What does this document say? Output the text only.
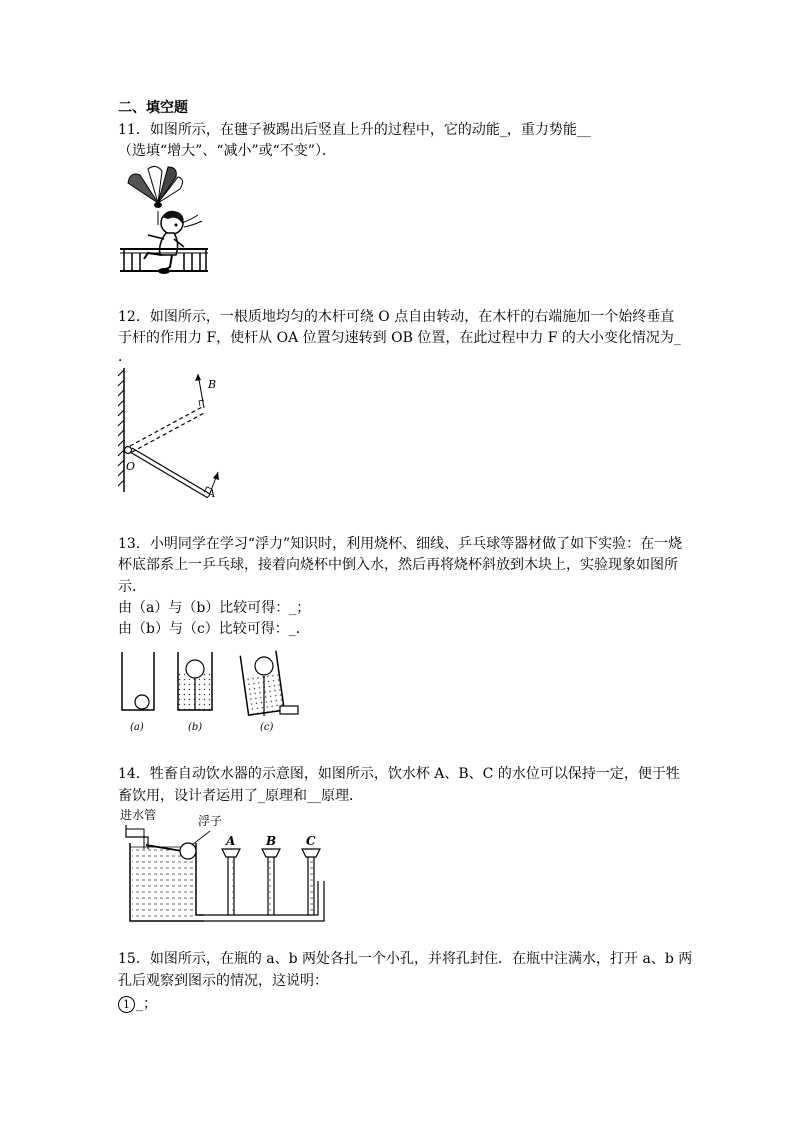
二、填空题
11．如图所示，在毽子被踢出后竖直上升的过程中，它的动能_，重力势能__
（选填“增大”、“减小”或“不变”）．
12．如图所示，一根质地均匀的木杆可绕 O 点自由转动，在木杆的右端施加一个始终垂直
于杆的作用力 F，使杆从 OA 位置匀速转到 OB 位置，在此过程中力 F 的大小变化情况为_
．
B
O
A
13．小明同学在学习“浮力”知识时，利用烧杯、细线、乒乓球等器材做了如下实验：在一烧
杯底部系上一乒乓球，接着向烧杯中倒入水，然后再将烧杯斜放到木块上，实验现象如图所
示．
由（a）与（b）比较可得：_；
由（b）与（c）比较可得：_．
(a)	(b)	(c)
14．牲畜自动饮水器的示意图，如图所示，饮水杯 A、B、C 的水位可以保持一定，便于牲
畜饮用，设计者运用了_原理和__原理．
进水管	浮子
A	B C
15．如图所示，在瓶的 a、b 两处各扎一个小孔，并将孔封住．在瓶中注满水，打开 a、b 两
孔后观察到图示的情况，这说明：
1 _；
